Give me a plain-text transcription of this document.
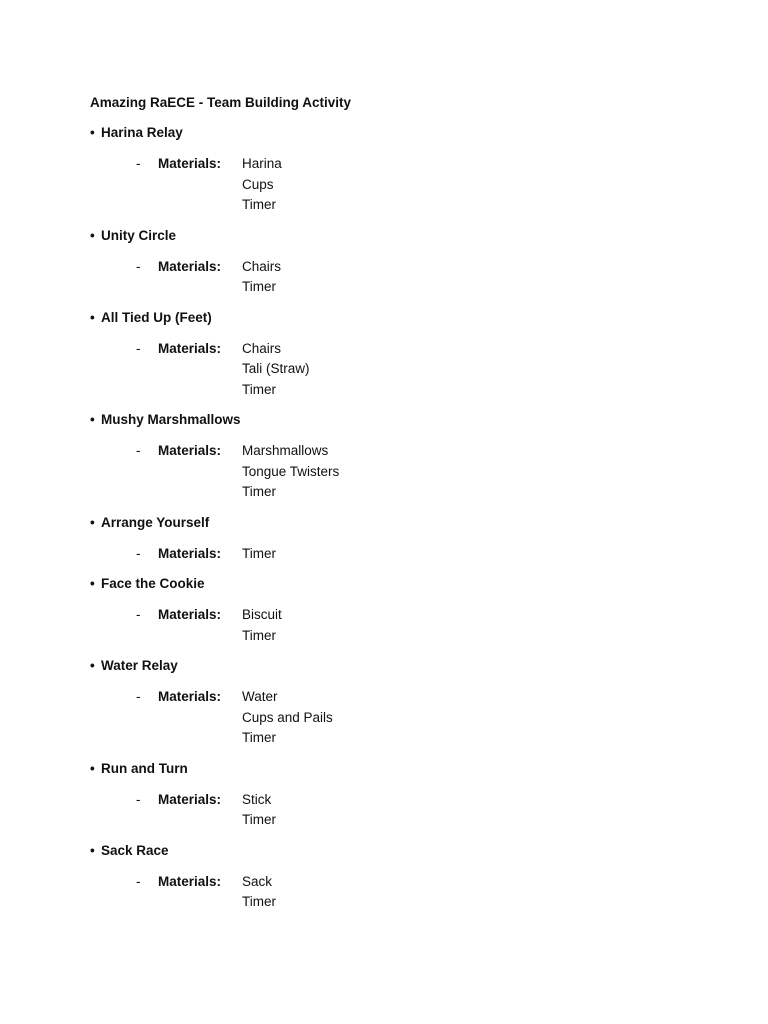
Amazing RaECE - Team Building Activity
• Harina Relay
-	Materials:	Harina
Cups
Timer
• Unity Circle
-	Materials:	Chairs
Timer
• All Tied Up (Feet)
-	Materials:	Chairs
Tali (Straw)
Timer
• Mushy Marshmallows
-	Materials:	Marshmallows
Tongue Twisters
Timer
• Arrange Yourself
-	Materials:	Timer
• Face the Cookie
-	Materials:	Biscuit
Timer
• Water Relay
-	Materials:	Water
Cups and Pails
Timer
• Run and Turn
-	Materials:	Stick
Timer
• Sack Race
-	Materials:	Sack
Timer
